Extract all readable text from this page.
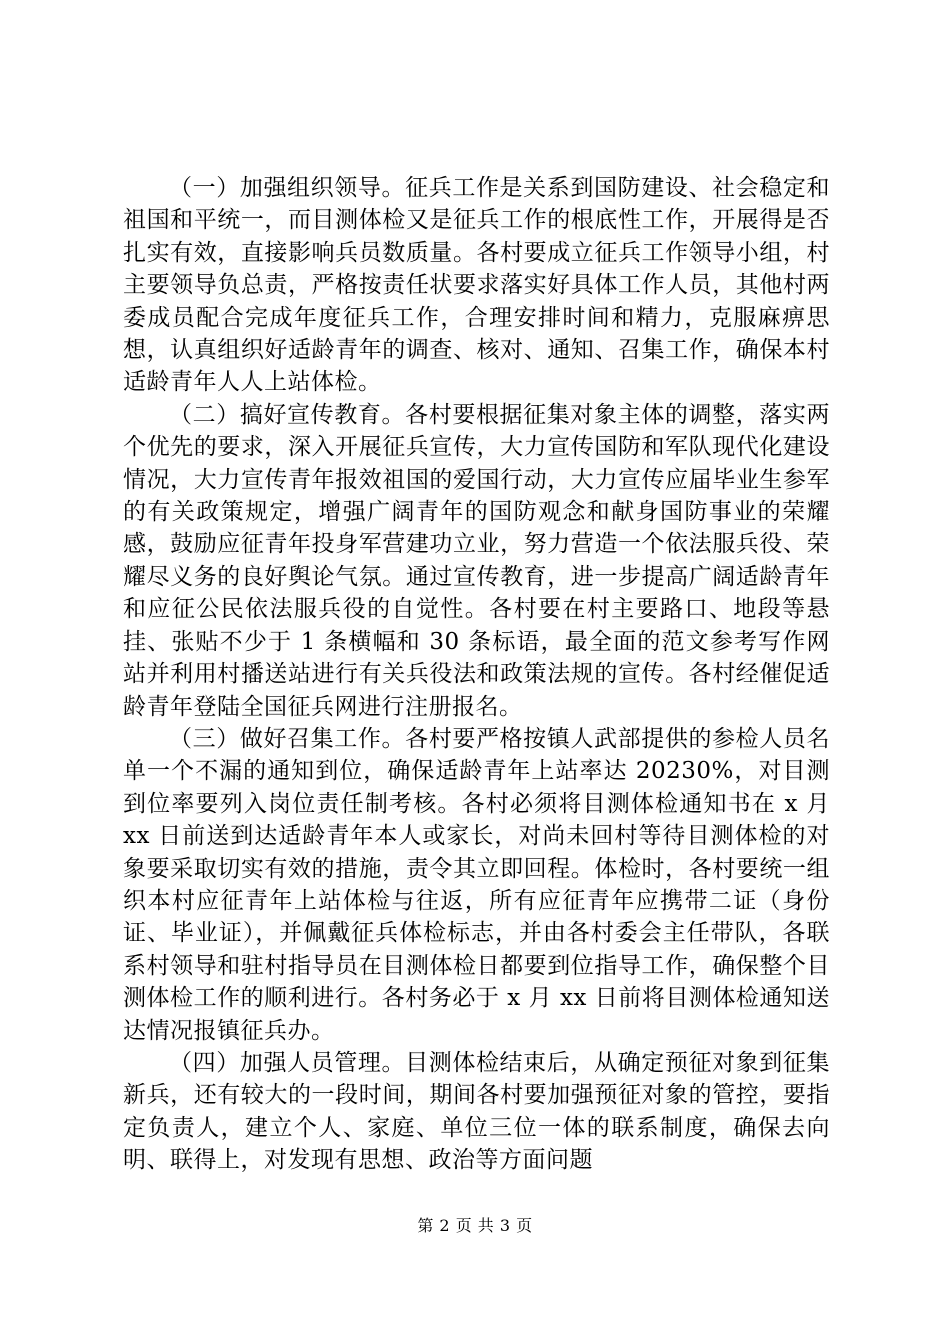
（一）加强组织领导。征兵工作是关系到国防建设、社会稳定和祖国和平统一，而目测体检又是征兵工作的根底性工作，开展得是否扎实有效，直接影响兵员数质量。各村要成立征兵工作领导小组，村主要领导负总责，严格按责任状要求落实好具体工作人员，其他村两委成员配合完成年度征兵工作，合理安排时间和精力，克服麻痹思想，认真组织好适龄青年的调查、核对、通知、召集工作，确保本村适龄青年人人上站体检。

（二）搞好宣传教育。各村要根据征集对象主体的调整，落实两个优先的要求，深入开展征兵宣传，大力宣传国防和军队现代化建设情况，大力宣传青年报效祖国的爱国行动，大力宣传应届毕业生参军的有关政策规定，增强广阔青年的国防观念和献身国防事业的荣耀感，鼓励应征青年投身军营建功立业，努力营造一个依法服兵役、荣耀尽义务的良好舆论气氛。通过宣传教育，进一步提高广阔适龄青年和应征公民依法服兵役的自觉性。各村要在村主要路口、地段等悬挂、张贴不少于 1 条横幅和 30 条标语，最全面的范文参考写作网站并利用村播送站进行有关兵役法和政策法规的宣传。各村经催促适龄青年登陆全国征兵网进行注册报名。

（三）做好召集工作。各村要严格按镇人武部提供的参检人员名单一个不漏的通知到位，确保适龄青年上站率达 20230%，对目测到位率要列入岗位责任制考核。各村必须将目测体检通知书在 x 月 xx 日前送到达适龄青年本人或家长，对尚未回村等待目测体检的对象要采取切实有效的措施，责令其立即回程。体检时，各村要统一组织本村应征青年上站体检与往返，所有应征青年应携带二证（身份证、毕业证），并佩戴征兵体检标志，并由各村委会主任带队，各联系村领导和驻村指导员在目测体检日都要到位指导工作，确保整个目测体检工作的顺利进行。各村务必于 x 月 xx 日前将目测体检通知送达情况报镇征兵办。

（四）加强人员管理。目测体检结束后，从确定预征对象到征集新兵，还有较大的一段时间，期间各村要加强预征对象的管控，要指定负责人，建立个人、家庭、单位三位一体的联系制度，确保去向明、联得上，对发现有思想、政治等方面问题

第 2 页 共 3 页
